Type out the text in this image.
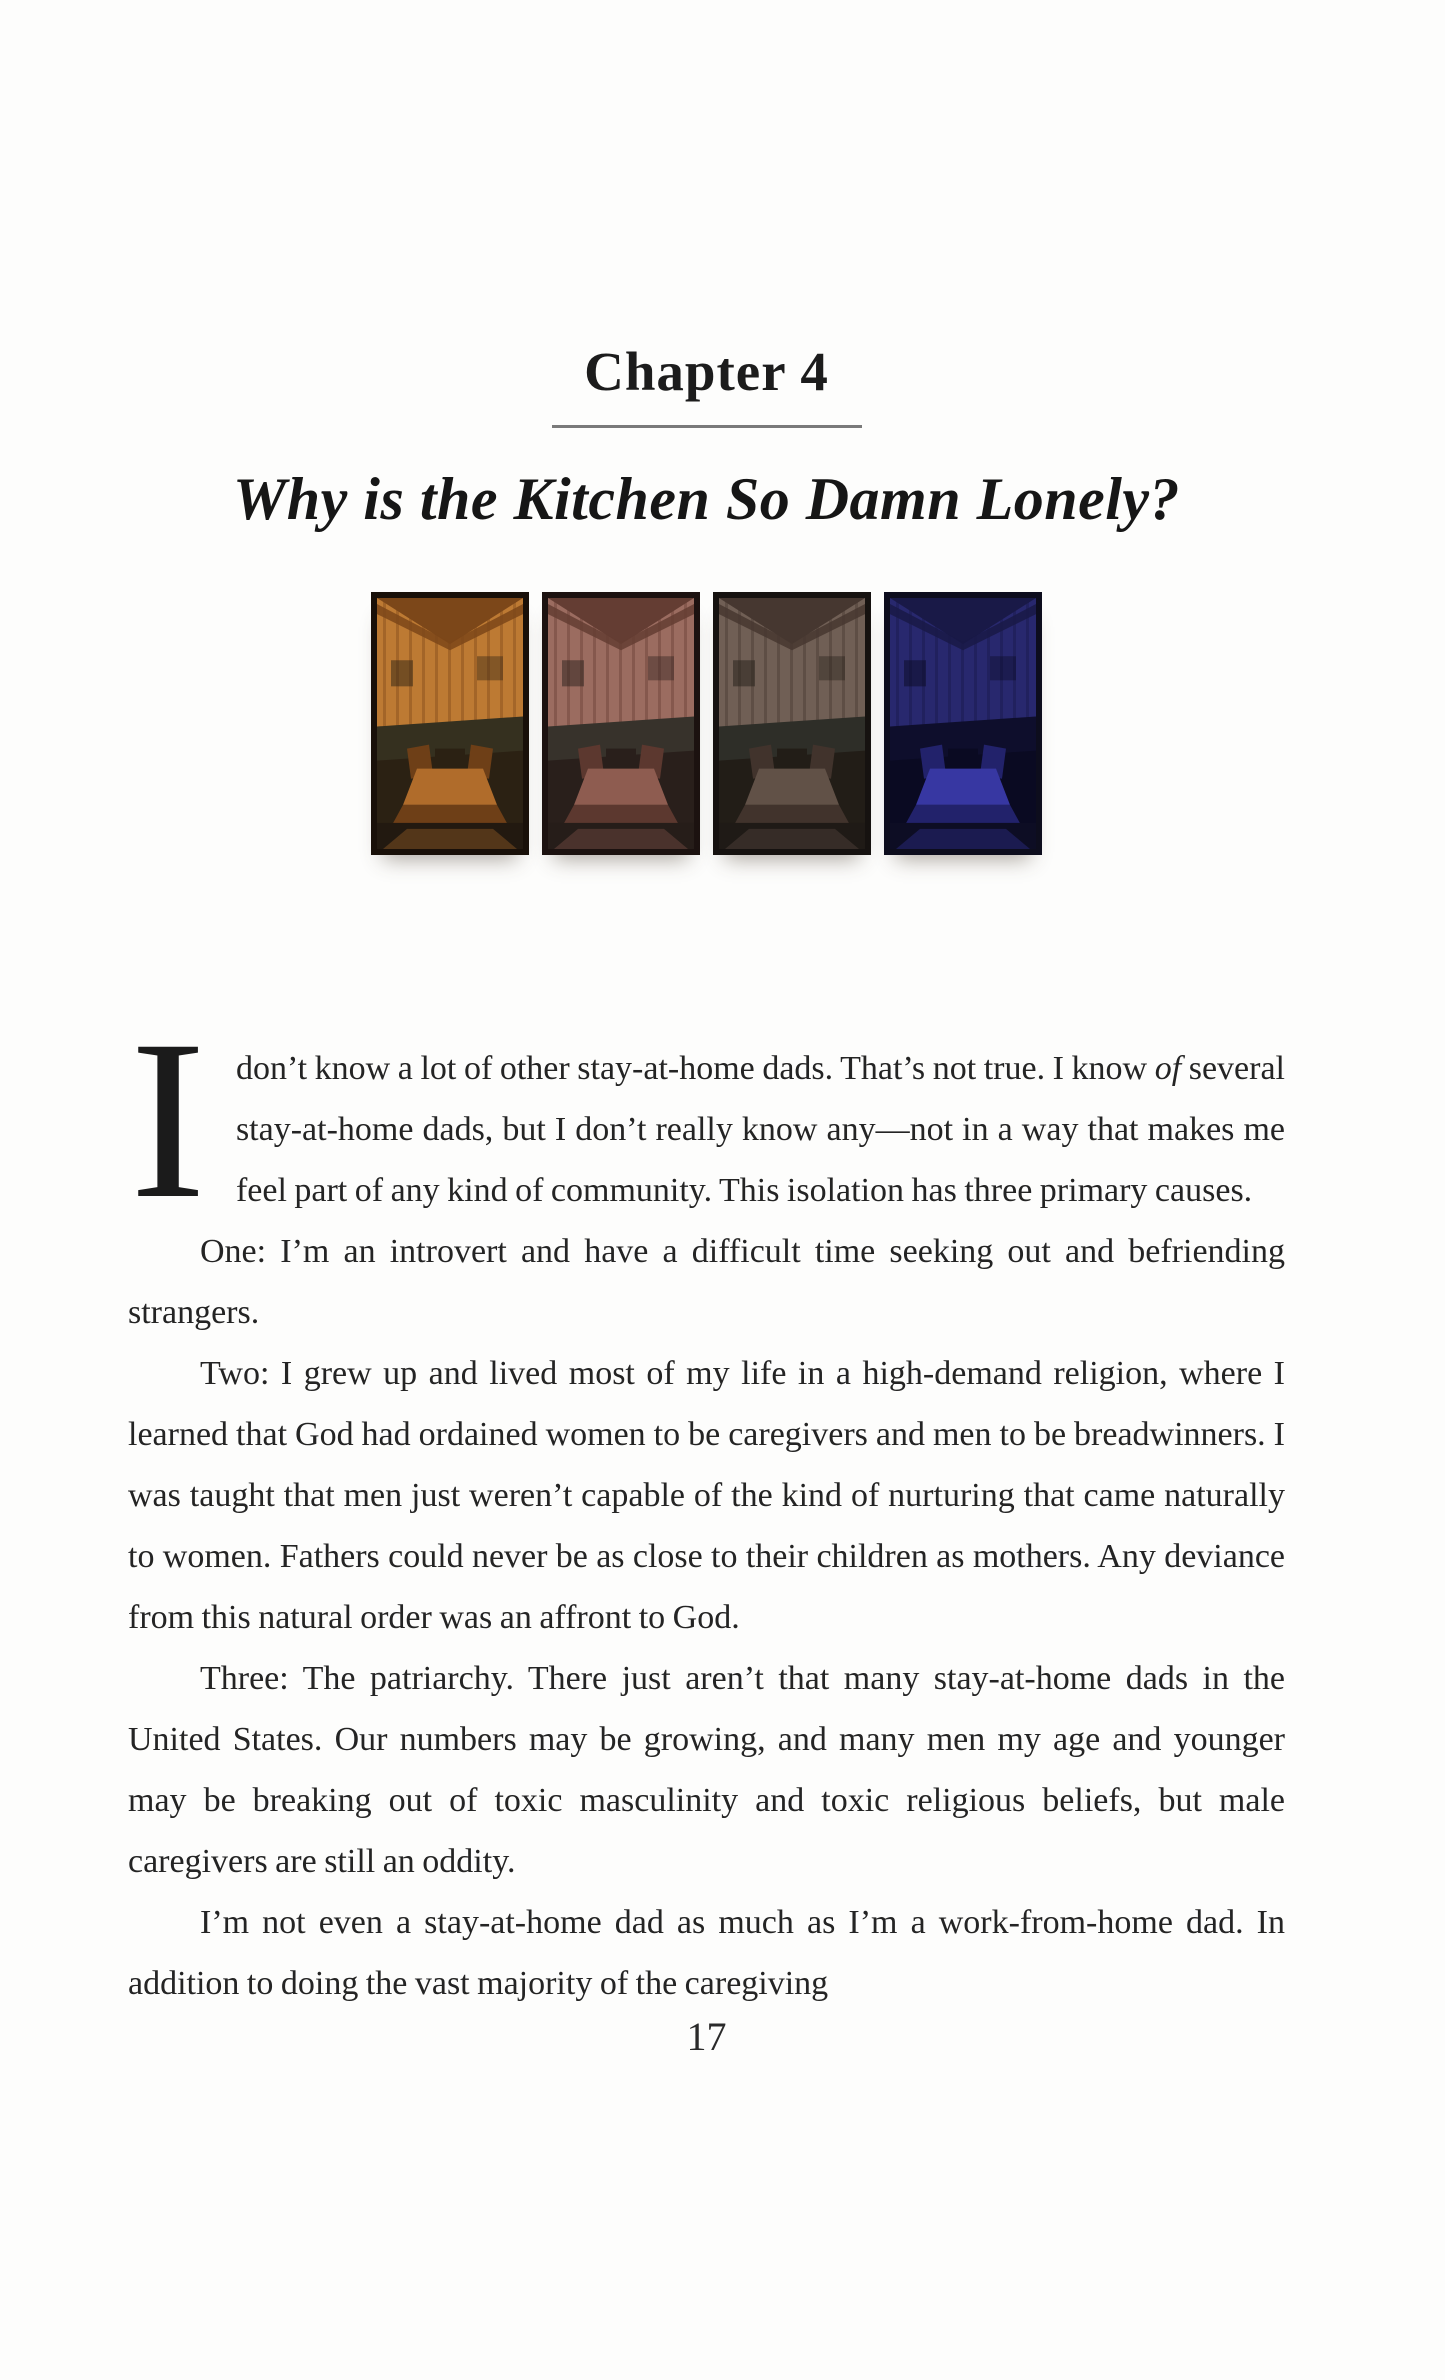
Chapter 4
Why is the Kitchen So Damn Lonely?

Idon’t know a lot of other stay-at-home dads. That’s not true. I know of several stay-at-home dads, but I don’t really know any—not in a way that makes me feel part of any kind of community. This isolation has three primary causes.

One: I’m an introvert and have a difficult time seeking out and befriending strangers.

Two: I grew up and lived most of my life in a high-demand religion, where I learned that God had ordained women to be caregivers and men to be breadwinners. I was taught that men just weren’t capable of the kind of nurturing that came naturally to women. Fathers could never be as close to their children as mothers. Any deviance from this natural order was an affront to God.

Three: The patriarchy. There just aren’t that many stay-at-home dads in the United States. Our numbers may be growing, and many men my age and younger may be breaking out of toxic masculinity and toxic religious beliefs, but male caregivers are still an oddity.

I’m not even a stay-at-home dad as much as I’m a work-from-home dad. In addition to doing the vast majority of the caregiving

17
